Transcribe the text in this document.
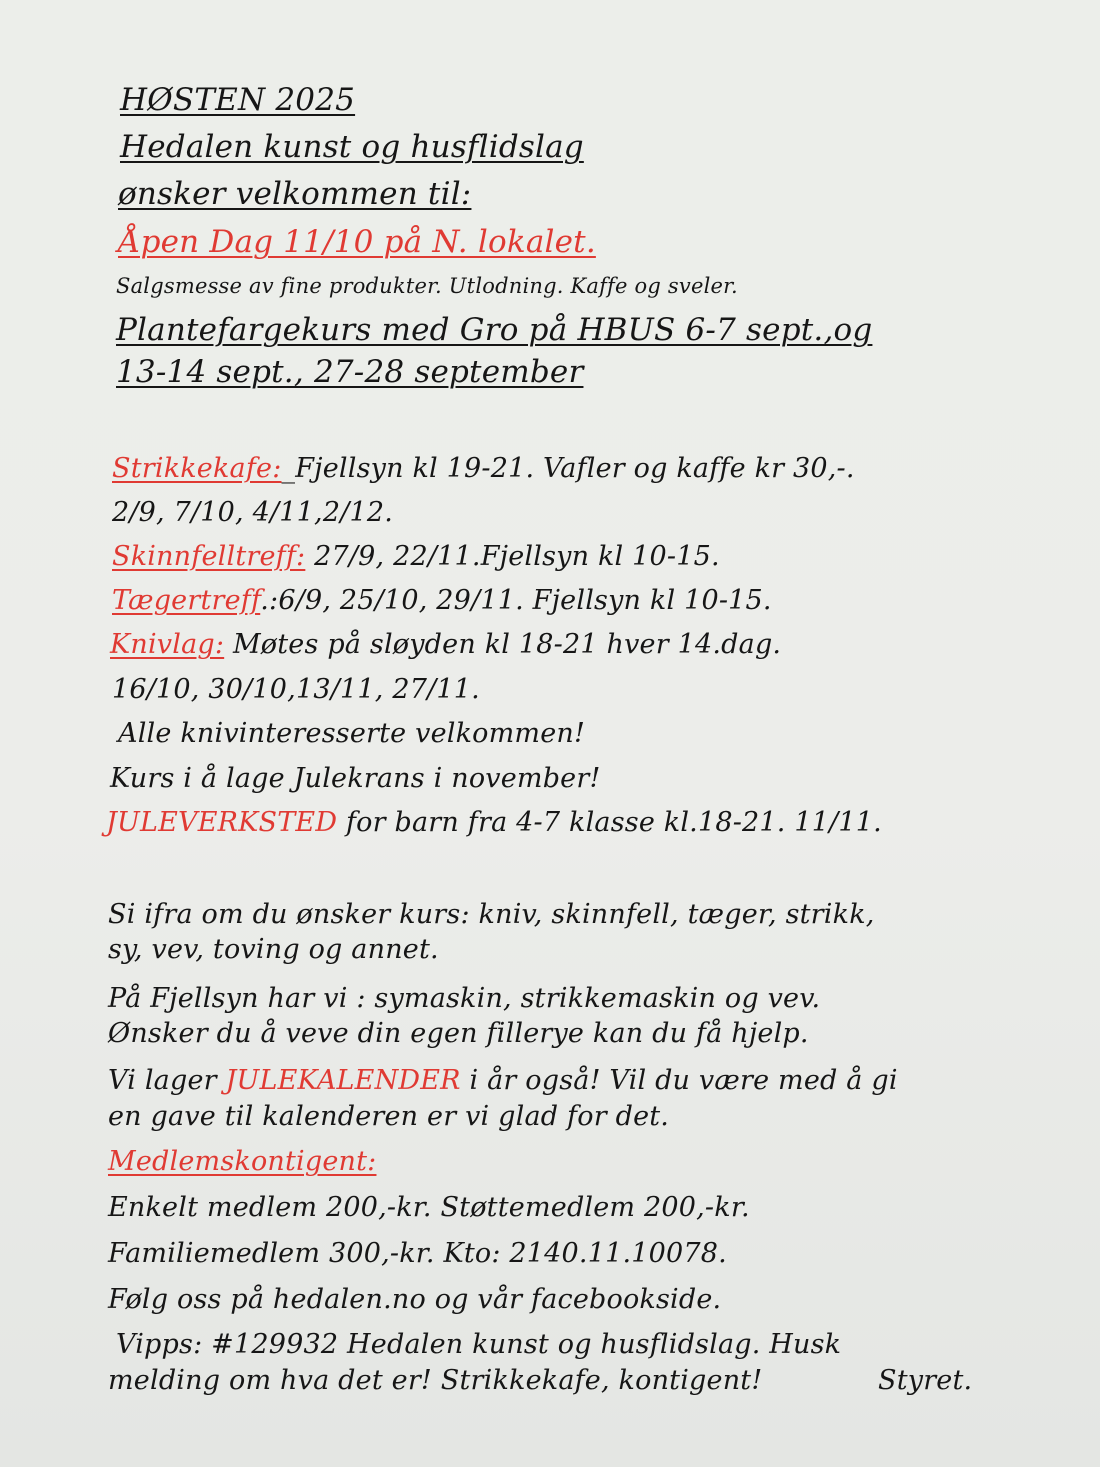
HØSTEN 2025
Hedalen kunst og husflidslag
ønsker velkommen til:
Åpen Dag 11/10 på N. lokalet.
Salgsmesse av fine produkter. Utlodning. Kaffe og sveler.
Plantefargekurs med Gro på HBUS 6-7 sept.,og
13-14 sept., 27-28 september
Strikkekafe:_Fjellsyn kl 19-21. Vafler og kaffe kr 30,-.
2/9, 7/10, 4/11,2/12.
Skinnfelltreff: 27/9, 22/11.Fjellsyn kl 10-15.
Tægertreff.:6/9, 25/10, 29/11. Fjellsyn kl 10-15.
Knivlag: Møtes på sløyden kl 18-21 hver 14.dag.
16/10, 30/10,13/11, 27/11.
Alle knivinteresserte velkommen!
Kurs i å lage Julekrans i november!
JULEVERKSTED for barn fra 4-7 klasse kl.18-21. 11/11.
Si ifra om du ønsker kurs: kniv, skinnfell, tæger, strikk,
sy, vev, toving og annet.
På Fjellsyn har vi : symaskin, strikkemaskin og vev.
Ønsker du å veve din egen fillerye kan du få hjelp.
Vi lager JULEKALENDER i år også! Vil du være med å gi
en gave til kalenderen er vi glad for det.
Medlemskontigent:
Enkelt medlem 200,-kr. Støttemedlem 200,-kr.
Familiemedlem 300,-kr. Kto: 2140.11.10078.
Følg oss på hedalen.no og vår facebookside.
Vipps: #129932 Hedalen kunst og husflidslag. Husk
melding om hva det er! Strikkekafe, kontigent!	Styret.
